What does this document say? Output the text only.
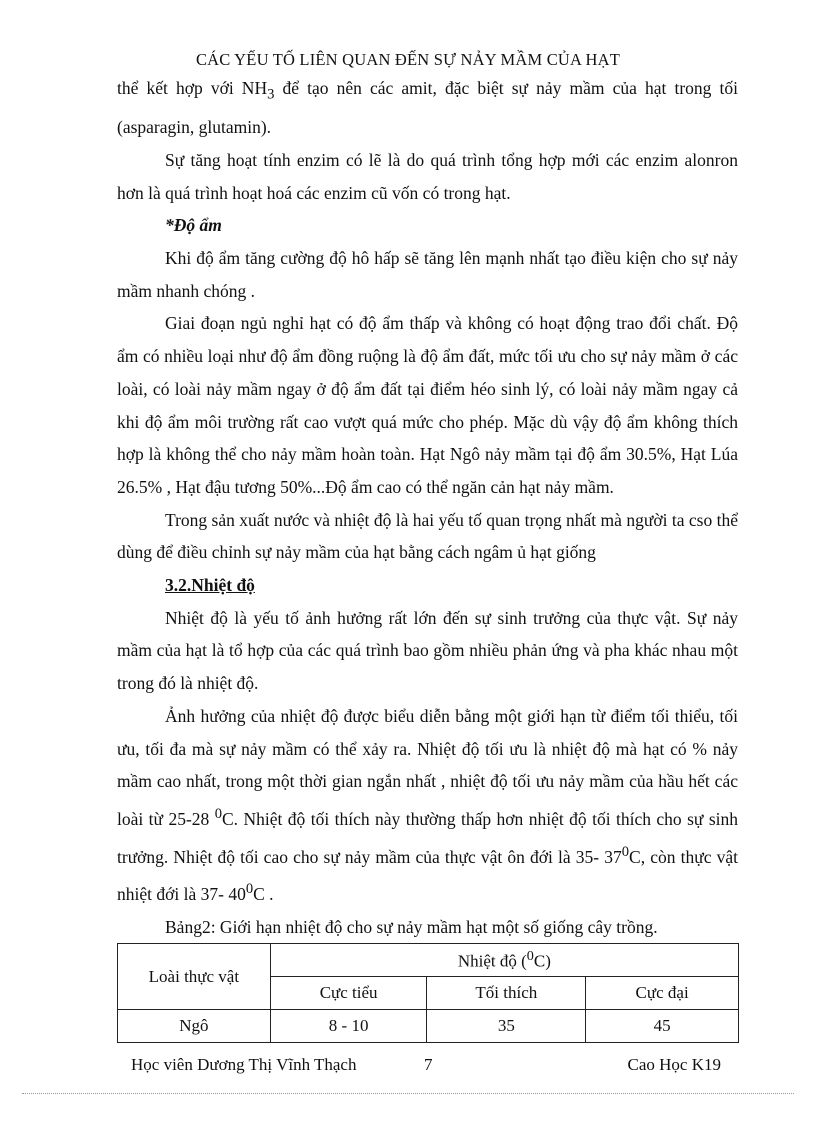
CÁC YẾU TỐ LIÊN QUAN ĐẾN SỰ NẢY MẦM CỦA HẠT

thể kết hợp với $NH_3$ để tạo nên các amit, đặc biệt sự nảy mầm của hạt trong tối (asparagin, glutamin).

Sự tăng hoạt tính enzim có lẽ là do quá trình tổng hợp mới các enzim alonron hơn là quá trình hoạt hoá các enzim cũ vốn có trong hạt.

*Độ ẩm

Khi độ ẩm tăng cường độ hô hấp sẽ tăng lên mạnh nhất tạo điều kiện cho sự nảy mầm nhanh chóng .

Giai đoạn ngủ nghỉ hạt có độ ẩm thấp và không có hoạt động trao đổi chất. Độ ẩm có nhiều loại như độ ẩm đồng ruộng là độ ẩm đất, mức tối ưu cho sự nảy mầm ở các loài, có loài nảy mầm ngay ở độ ẩm đất tại điểm héo sinh lý, có loài nảy mầm ngay cả khi độ ẩm môi trường rất cao vượt quá mức cho phép. Mặc dù vậy độ ẩm không thích hợp là không thể cho nảy mầm hoàn toàn. Hạt Ngô nảy mầm tại độ ẩm 30.5%, Hạt Lúa 26.5% , Hạt đậu tương 50%...Độ ẩm cao có thể ngăn cản hạt nảy mầm.

Trong sản xuất nước và nhiệt độ là hai yếu tố quan trọng nhất mà người ta cso thể dùng để điều chỉnh sự nảy mầm của hạt bằng cách ngâm ủ hạt giống

3.2.Nhiệt độ

Nhiệt độ là yếu tố ảnh hưởng rất lớn đến sự sinh trưởng của thực vật. Sự nảy mầm của hạt là tổ hợp của các quá trình bao gồm nhiều phản ứng và pha khác nhau một trong đó là nhiệt độ.

Ảnh hưởng của nhiệt độ được biểu diễn bằng một giới hạn từ điểm tối thiểu, tối ưu, tối đa mà sự nảy mầm có thể xảy ra. Nhiệt độ tối ưu là nhiệt độ mà hạt có % nảy mầm cao nhất, trong một thời gian ngắn nhất , nhiệt độ tối ưu nảy mầm của hầu hết các loài từ 25-28 $^0$C. Nhiệt độ tối thích này thường thấp hơn nhiệt độ tối thích cho sự sinh trưởng. Nhiệt độ tối cao cho sự nảy mầm của thực vật ôn đới là 35- $37^0C$, còn thực vật nhiệt đới là 37- $40^0C$ .

Bảng2: Giới hạn nhiệt độ cho sự nảy mầm hạt một số giống cây trồng.

Loài thực vật	Nhiệt độ ($^0$C)		
	Cực tiểu	Tối thích	Cực đại
Ngô	8 - 10	35	45
Học viên Dương Thị Vĩnh Thạch	7	Cao Học K19
